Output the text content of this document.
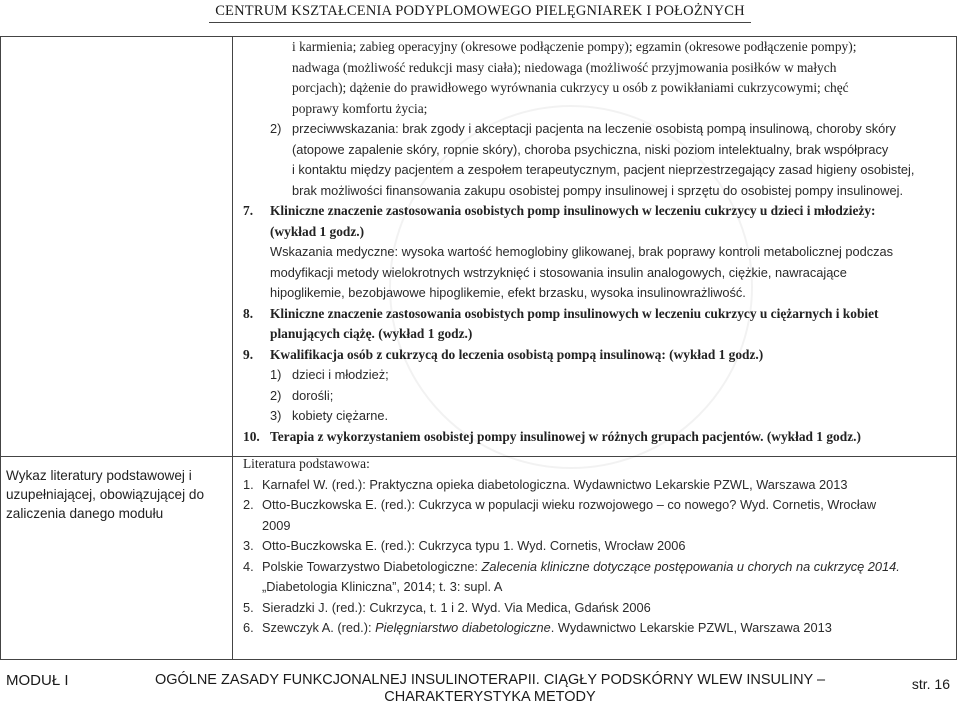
CENTRUM KSZTAŁCENIA PODYPLOMOWEGO PIELĘGNIAREK I POŁOŻNYCH
Wykaz literatury podstawowej i uzupełniającej, obowiązującej do zaliczenia danego modułu
i karmienia; zabieg operacyjny (okresowe podłączenie pompy); egzamin (okresowe podłączenie pompy);
nadwaga (możliwość redukcji masy ciała); niedowaga (możliwość przyjmowania posiłków w małych
porcjach); dążenie do prawidłowego wyrównania cukrzycy u osób z powikłaniami cukrzycowymi; chęć
poprawy komfortu życia;
2) przeciwwskazania: brak zgody i akceptacji pacjenta na leczenie osobistą pompą insulinową, choroby skóry
(atopowe zapalenie skóry, ropnie skóry), choroba psychiczna, niski poziom intelektualny, brak współpracy
i kontaktu między pacjentem a zespołem terapeutycznym, pacjent nieprzestrzegający zasad higieny osobistej,
brak możliwości finansowania zakupu osobistej pompy insulinowej i sprzętu do osobistej pompy insulinowej.
7. Kliniczne znaczenie zastosowania osobistych pomp insulinowych w leczeniu cukrzycy u dzieci i młodzieży:
(wykład 1 godz.)
Wskazania medyczne: wysoka wartość hemoglobiny glikowanej, brak poprawy kontroli metabolicznej podczas
modyfikacji metody wielokrotnych wstrzyknięć i stosowania insulin analogowych, ciężkie, nawracające
hipoglikemie, bezobjawowe hipoglikemie, efekt brzasku, wysoka insulinowrażliwość.
8. Kliniczne znaczenie zastosowania osobistych pomp insulinowych w leczeniu cukrzycy u ciężarnych i kobiet
planujących ciążę. (wykład 1 godz.)
9. Kwalifikacja osób z cukrzycą do leczenia osobistą pompą insulinową: (wykład 1 godz.)
1) dzieci i młodzież;
2) dorośli;
3) kobiety ciężarne.
10. Terapia z wykorzystaniem osobistej pompy insulinowej w różnych grupach pacjentów. (wykład 1 godz.)
Literatura podstawowa:
1. Karnafel W. (red.): Praktyczna opieka diabetologiczna. Wydawnictwo Lekarskie PZWL, Warszawa 2013
2. Otto-Buczkowska E. (red.): Cukrzyca w populacji wieku rozwojowego – co nowego? Wyd. Cornetis, Wrocław
2009
3. Otto-Buczkowska E. (red.): Cukrzyca typu 1. Wyd. Cornetis, Wrocław 2006
4. Polskie Towarzystwo Diabetologiczne: Zalecenia kliniczne dotyczące postępowania u chorych na cukrzycę 2014.
„Diabetologia Kliniczna”, 2014; t. 3: supl. A
5. Sieradzki J. (red.): Cukrzyca, t. 1 i 2. Wyd. Via Medica, Gdańsk 2006
6. Szewczyk A. (red.): Pielęgniarstwo diabetologiczne. Wydawnictwo Lekarskie PZWL, Warszawa 2013
MODUŁ I	OGÓLNE ZASADY FUNKCJONALNEJ INSULINOTERAPII. CIĄGŁY PODSKÓRNY WLEW INSULINY –
CHARAKTERYSTYKA METODY
str. 16
